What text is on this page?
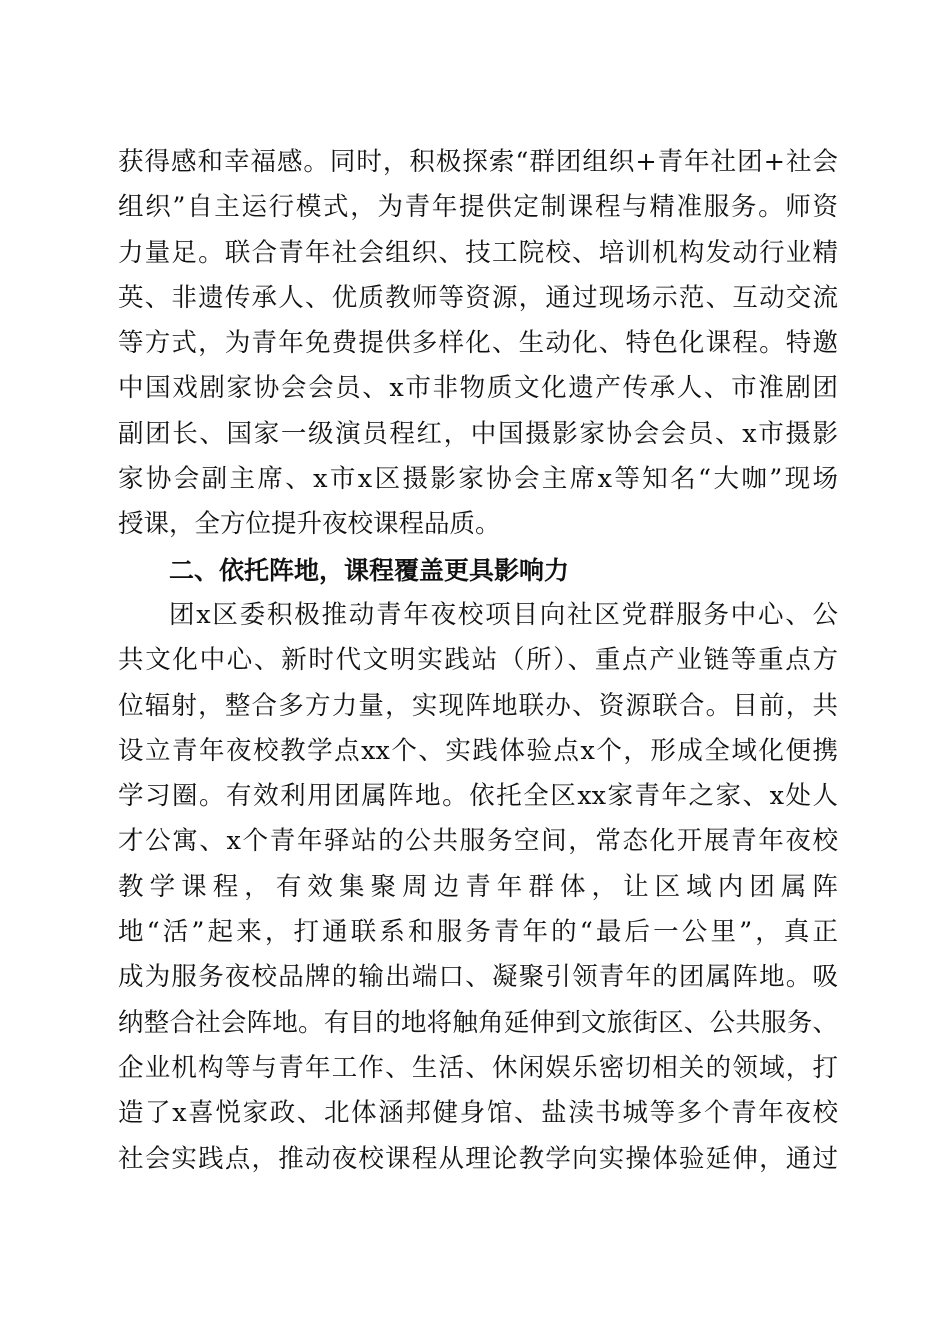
获得感和幸福感。同时，积极探索“群团组织+青年社团+社会
组织”自主运行模式，为青年提供定制课程与精准服务。师资
力量足。联合青年社会组织、技工院校、培训机构发动行业精
英、非遗传承人、优质教师等资源，通过现场示范、互动交流
等方式，为青年免费提供多样化、生动化、特色化课程。特邀
中国戏剧家协会会员、x市非物质文化遗产传承人、市淮剧团
副团长、国家一级演员程红，中国摄影家协会会员、x市摄影
家协会副主席、x市x区摄影家协会主席x等知名“大咖”现场
授课，全方位提升夜校课程品质。
二、依托阵地，课程覆盖更具影响力
团x区委积极推动青年夜校项目向社区党群服务中心、公
共文化中心、新时代文明实践站（所）、重点产业链等重点方
位辐射，整合多方力量，实现阵地联办、资源联合。目前，共
设立青年夜校教学点xx个、实践体验点x个，形成全域化便携
学习圈。有效利用团属阵地。依托全区xx家青年之家、x处人
才公寓、x个青年驿站的公共服务空间，常态化开展青年夜校
教学课程，有效集聚周边青年群体，让区域内团属阵
地“活”起来，打通联系和服务青年的“最后一公里”，真正
成为服务夜校品牌的输出端口、凝聚引领青年的团属阵地。吸
纳整合社会阵地。有目的地将触角延伸到文旅街区、公共服务、
企业机构等与青年工作、生活、休闲娱乐密切相关的领域，打
造了x喜悦家政、北体涵邦健身馆、盐渎书城等多个青年夜校
社会实践点，推动夜校课程从理论教学向实操体验延伸，通过
